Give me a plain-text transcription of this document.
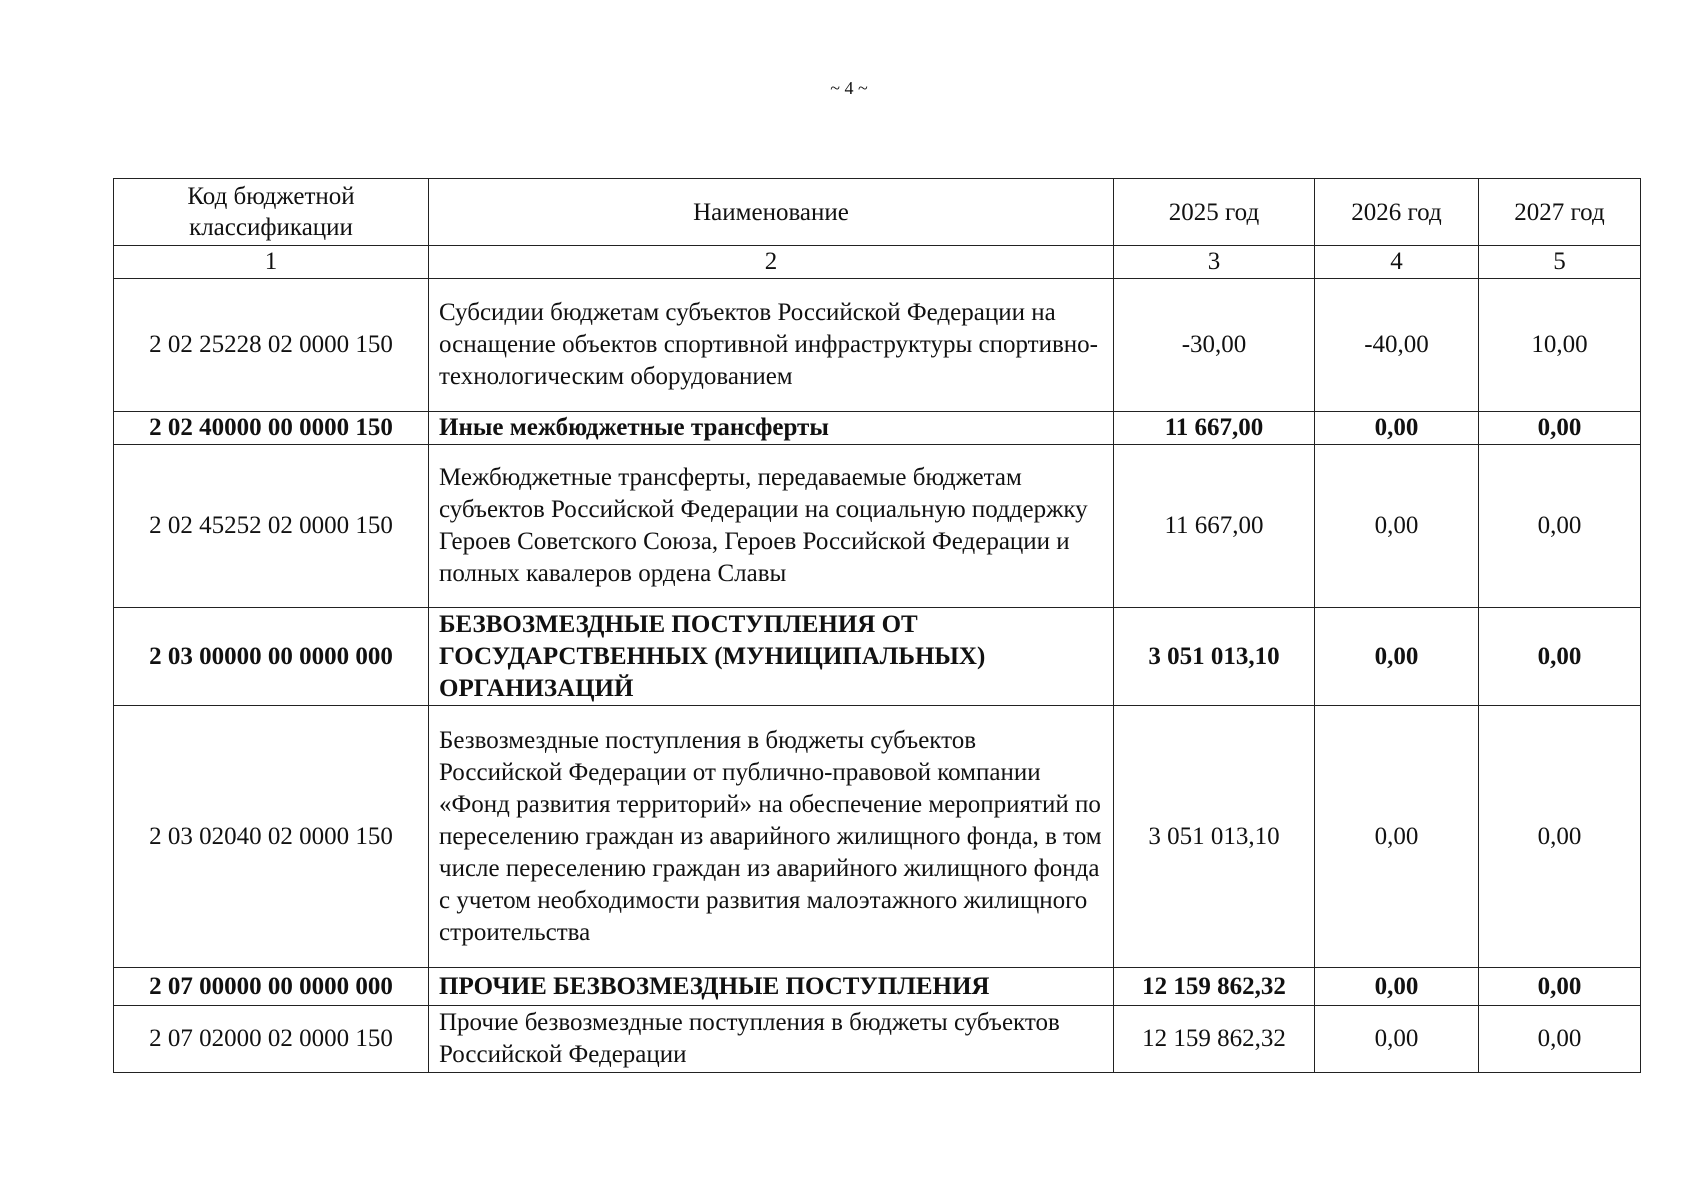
~ 4 ~
Код бюджетной классификации	Наименование	2025 год	2026 год	2027 год
1	2	3	4	5
2 02 25228 02 0000 150	Субсидии бюджетам субъектов Российской Федерации на оснащение объектов спортивной инфраструктуры спортивно-технологическим оборудованием	-30,00	-40,00	10,00
2 02 40000 00 0000 150	Иные межбюджетные трансферты	11 667,00	0,00	0,00
2 02 45252 02 0000 150	Межбюджетные трансферты, передаваемые бюджетам субъектов Российской Федерации на социальную поддержку Героев Советского Союза, Героев Российской Федерации и полных кавалеров ордена Славы	11 667,00	0,00	0,00
2 03 00000 00 0000 000	БЕЗВОЗМЕЗДНЫЕ ПОСТУПЛЕНИЯ ОТ ГОСУДАРСТВЕННЫХ (МУНИЦИПАЛЬНЫХ) ОРГАНИЗАЦИЙ	3 051 013,10	0,00	0,00
2 03 02040 02 0000 150	Безвозмездные поступления в бюджеты субъектов Российской Федерации от публично-правовой компании «Фонд развития территорий» на обеспечение мероприятий по переселению граждан из аварийного жилищного фонда, в том числе переселению граждан из аварийного жилищного фонда с учетом необходимости развития малоэтажного жилищного строительства	3 051 013,10	0,00	0,00
2 07 00000 00 0000 000	ПРОЧИЕ БЕЗВОЗМЕЗДНЫЕ ПОСТУПЛЕНИЯ	12 159 862,32	0,00	0,00
2 07 02000 02 0000 150	Прочие безвозмездные поступления в бюджеты субъектов Российской Федерации	12 159 862,32	0,00	0,00
